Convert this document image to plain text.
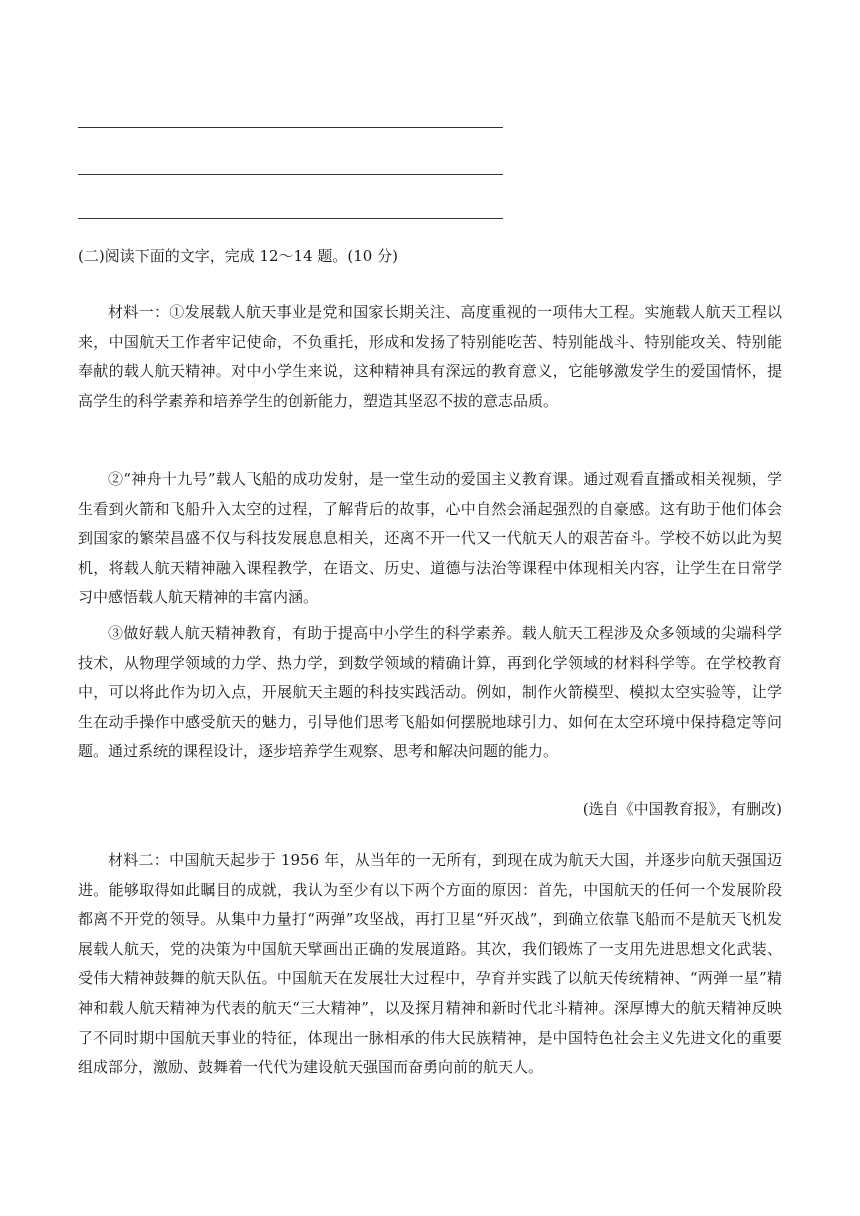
(二)阅读下面的文字，完成 12～14 题。(10 分)

材料一：①发展载人航天事业是党和国家长期关注、高度重视的一项伟大工程。实施载人航天工程以来，中国航天工作者牢记使命，不负重托，形成和发扬了特别能吃苦、特别能战斗、特别能攻关、特别能奉献的载人航天精神。对中小学生来说，这种精神具有深远的教育意义，它能够激发学生的爱国情怀，提高学生的科学素养和培养学生的创新能力，塑造其坚忍不拔的意志品质。

②“神舟十九号”载人飞船的成功发射，是一堂生动的爱国主义教育课。通过观看直播或相关视频，学生看到火箭和飞船升入太空的过程，了解背后的故事，心中自然会涌起强烈的自豪感。这有助于他们体会到国家的繁荣昌盛不仅与科技发展息息相关，还离不开一代又一代航天人的艰苦奋斗。学校不妨以此为契机，将载人航天精神融入课程教学，在语文、历史、道德与法治等课程中体现相关内容，让学生在日常学习中感悟载人航天精神的丰富内涵。

③做好载人航天精神教育，有助于提高中小学生的科学素养。载人航天工程涉及众多领域的尖端科学技术，从物理学领域的力学、热力学，到数学领域的精确计算，再到化学领域的材料科学等。在学校教育中，可以将此作为切入点，开展航天主题的科技实践活动。例如，制作火箭模型、模拟太空实验等，让学生在动手操作中感受航天的魅力，引导他们思考飞船如何摆脱地球引力、如何在太空环境中保持稳定等问题。通过系统的课程设计，逐步培养学生观察、思考和解决问题的能力。

(选自《中国教育报》，有删改)

材料二：中国航天起步于 1956 年，从当年的一无所有，到现在成为航天大国，并逐步向航天强国迈进。能够取得如此瞩目的成就，我认为至少有以下两个方面的原因：首先，中国航天的任何一个发展阶段都离不开党的领导。从集中力量打“两弹”攻坚战，再打卫星“歼灭战”，到确立依靠飞船而不是航天飞机发展载人航天，党的决策为中国航天擘画出正确的发展道路。其次，我们锻炼了一支用先进思想文化武装、受伟大精神鼓舞的航天队伍。中国航天在发展壮大过程中，孕育并实践了以航天传统精神、“两弹一星”精神和载人航天精神为代表的航天“三大精神”，以及探月精神和新时代北斗精神。深厚博大的航天精神反映了不同时期中国航天事业的特征，体现出一脉相承的伟大民族精神，是中国特色社会主义先进文化的重要组成部分，激励、鼓舞着一代代为建设航天强国而奋勇向前的航天人。
